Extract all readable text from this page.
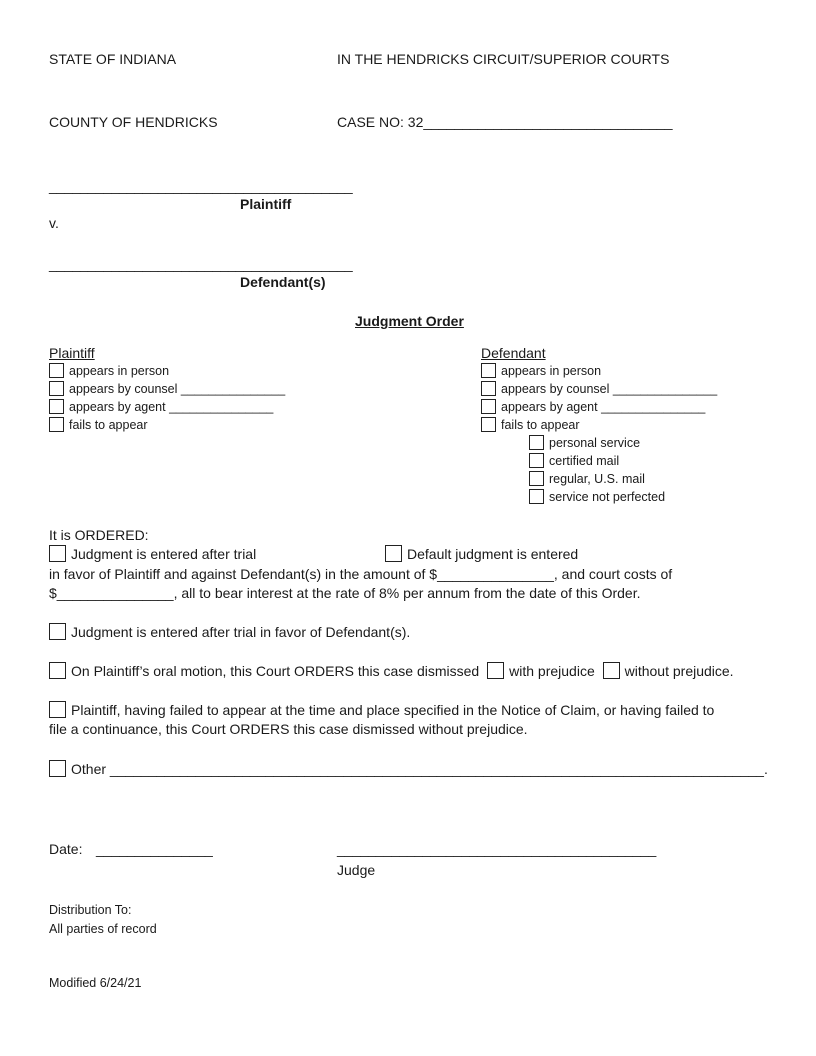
STATE OF INDIANA	IN THE HENDRICKS CIRCUIT/SUPERIOR COURTS
COUNTY OF HENDRICKS	CASE NO: 32________________________________
_______________________________________
Plaintiff
v.
_______________________________________
Defendant(s)
Judgment Order
Plaintiff
appears in person
appears by counsel _______________
appears by agent _______________
fails to appear
Defendant
appears in person
appears by counsel _______________
appears by agent _______________
fails to appear
personal service
certified mail
regular, U.S. mail
service not perfected
It is ORDERED:
Judgment is entered after trial	Default judgment is entered
in favor of Plaintiff and against Defendant(s) in the amount of $_______________, and court costs of
$_______________, all to bear interest at the rate of 8% per annum from the date of this Order.
Judgment is entered after trial in favor of Defendant(s).
On Plaintiff’s oral motion, this Court ORDERS this case dismissed with prejudice without prejudice.
Plaintiff, having failed to appear at the time and place specified in the Notice of Claim, or having failed to
file a continuance, this Court ORDERS this case dismissed without prejudice.
Other ____________________________________________________________________________________.
Date: _______________	_________________________________________
Judge
Distribution To:
All parties of record
Modified 6/24/21
